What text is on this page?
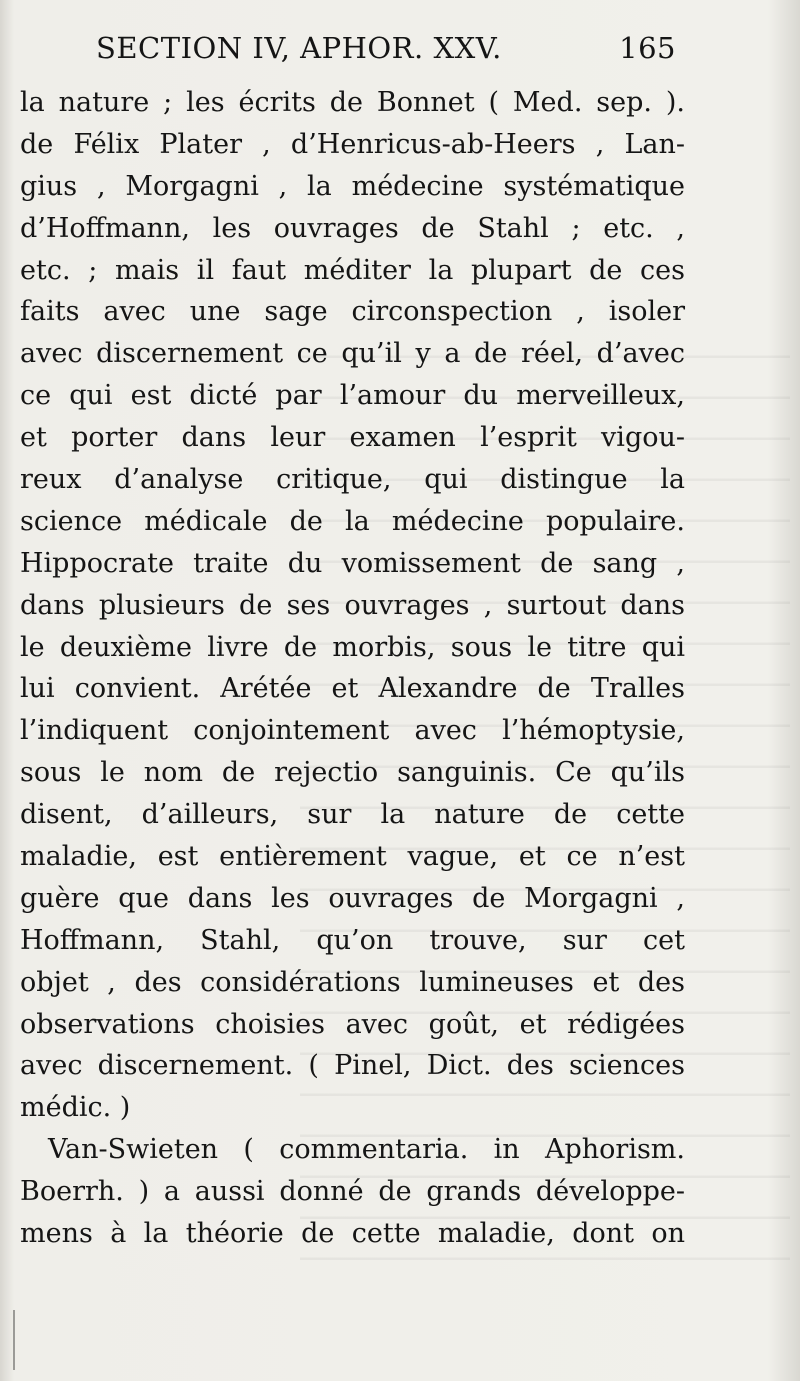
SECTION IV, APHOR. XXV.	165
la nature ; les écrits de Bonnet ( Med. sep. ).
de Félix Plater , d’Henricus-ab-Heers , Lan-
gius , Morgagni , la médecine systématique
d’Hoffmann, les ouvrages de Stahl ; etc. ,
etc. ; mais il faut méditer la plupart de ces
faits avec une sage circonspection , isoler
avec discernement ce qu’il y a de réel, d’avec
ce qui est dicté par l’amour du merveilleux,
et porter dans leur examen l’esprit vigou-
reux d’analyse critique, qui distingue la
science médicale de la médecine populaire.
Hippocrate traite du vomissement de sang ,
dans plusieurs de ses ouvrages , surtout dans
le deuxième livre de morbis, sous le titre qui
lui convient. Arétée et Alexandre de Tralles
l’indiquent conjointement avec l’hémoptysie,
sous le nom de rejectio sanguinis. Ce qu’ils
disent, d’ailleurs, sur la nature de cette
maladie, est entièrement vague, et ce n’est
guère que dans les ouvrages de Morgagni ,
Hoffmann, Stahl, qu’on trouve, sur cet
objet , des considérations lumineuses et des
observations choisies avec goût, et rédigées
avec discernement. ( Pinel, Dict. des sciences
médic. )
Van-Swieten ( commentaria. in Aphorism.
Boerrh. ) a aussi donné de grands développe-
mens à la théorie de cette maladie, dont on
